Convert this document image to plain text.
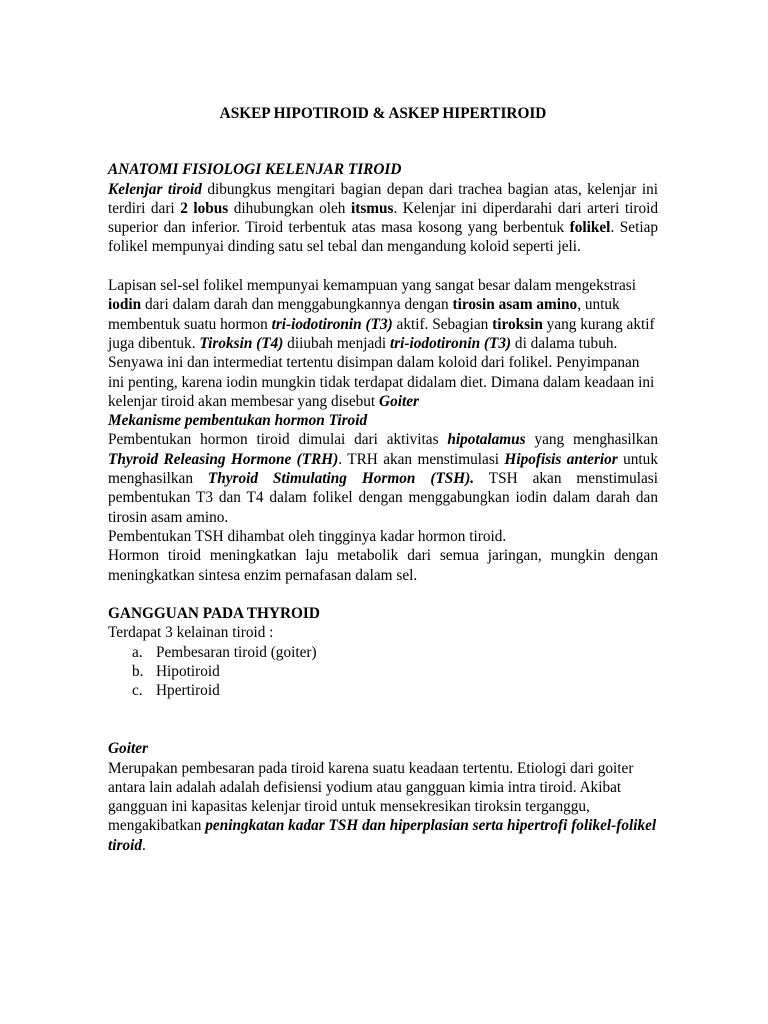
ASKEP HIPOTIROID & ASKEP HIPERTIROID
ANATOMI FISIOLOGI KELENJAR TIROID

Kelenjar tiroid dibungkus mengitari bagian depan dari trachea bagian atas, kelenjar ini terdiri dari 2 lobus dihubungkan oleh itsmus. Kelenjar ini diperdarahi dari arteri tiroid superior dan inferior. Tiroid terbentuk atas masa kosong yang berbentuk folikel. Setiap folikel mempunyai dinding satu sel tebal dan mengandung koloid seperti jeli.

Lapisan sel-sel folikel mempunyai kemampuan yang sangat besar dalam mengekstrasi iodin dari dalam darah dan menggabungkannya dengan tirosin asam amino, untuk membentuk suatu hormon tri-iodotironin (T3) aktif. Sebagian tiroksin yang kurang aktif juga dibentuk. Tiroksin (T4) diiubah menjadi tri-iodotironin (T3) di dalama tubuh. Senyawa ini dan intermediat tertentu disimpan dalam koloid dari folikel. Penyimpanan ini penting, karena iodin mungkin tidak terdapat didalam diet. Dimana dalam keadaan ini kelenjar tiroid akan membesar yang disebut Goiter

Mekanisme pembentukan hormon Tiroid

Pembentukan hormon tiroid dimulai dari aktivitas hipotalamus yang menghasilkan Thyroid Releasing Hormone (TRH). TRH akan menstimulasi Hipofisis anterior untuk menghasilkan Thyroid Stimulating Hormon (TSH). TSH akan menstimulasi pembentukan T3 dan T4 dalam folikel dengan menggabungkan iodin dalam darah dan tirosin asam amino.

Pembentukan TSH dihambat oleh tingginya kadar hormon tiroid.

Hormon tiroid meningkatkan laju metabolik dari semua jaringan, mungkin dengan meningkatkan sintesa enzim pernafasan dalam sel.

GANGGUAN PADA THYROID

Terdapat 3 kelainan tiroid :

a. Pembesaran tiroid (goiter)
b. Hipotiroid
c. Hpertiroid
Goiter

Merupakan pembesaran pada tiroid karena suatu keadaan tertentu. Etiologi dari goiter antara lain adalah adalah defisiensi yodium atau gangguan kimia intra tiroid. Akibat gangguan ini kapasitas kelenjar tiroid untuk mensekresikan tiroksin terganggu, mengakibatkan peningkatan kadar TSH dan hiperplasian serta hipertrofi folikel-folikel tiroid.
